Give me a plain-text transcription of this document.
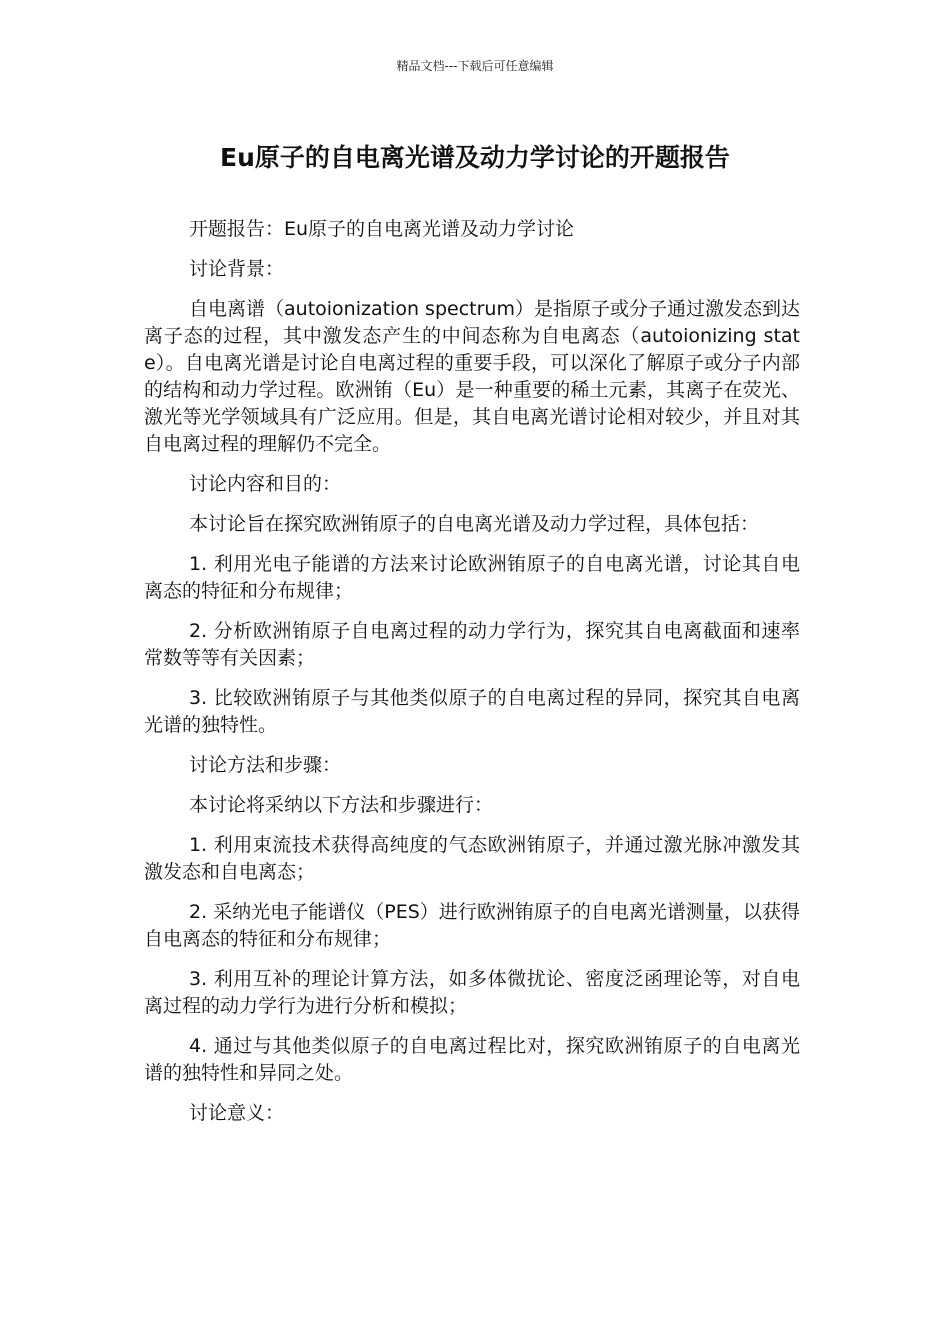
精品文档---下载后可任意编辑
Eu原子的自电离光谱及动力学讨论的开题报告

开题报告：Eu原子的自电离光谱及动力学讨论

讨论背景：

自电离谱（autoionization spectrum）是指原子或分子通过激发态到达离子态的过程，其中激发态产生的中间态称为自电离态（autoionizing state）。自电离光谱是讨论自电离过程的重要手段，可以深化了解原子或分子内部的结构和动力学过程。欧洲铕（Eu）是一种重要的稀土元素，其离子在荧光、激光等光学领域具有广泛应用。但是，其自电离光谱讨论相对较少，并且对其自电离过程的理解仍不完全。

讨论内容和目的：

本讨论旨在探究欧洲铕原子的自电离光谱及动力学过程，具体包括：

1. 利用光电子能谱的方法来讨论欧洲铕原子的自电离光谱，讨论其自电离态的特征和分布规律；

2. 分析欧洲铕原子自电离过程的动力学行为，探究其自电离截面和速率常数等等有关因素；

3. 比较欧洲铕原子与其他类似原子的自电离过程的异同，探究其自电离光谱的独特性。

讨论方法和步骤：

本讨论将采纳以下方法和步骤进行：

1. 利用束流技术获得高纯度的气态欧洲铕原子，并通过激光脉冲激发其激发态和自电离态；

2. 采纳光电子能谱仪（PES）进行欧洲铕原子的自电离光谱测量，以获得自电离态的特征和分布规律；

3. 利用互补的理论计算方法，如多体微扰论、密度泛函理论等，对自电离过程的动力学行为进行分析和模拟；

4. 通过与其他类似原子的自电离过程比对，探究欧洲铕原子的自电离光谱的独特性和异同之处。

讨论意义：
